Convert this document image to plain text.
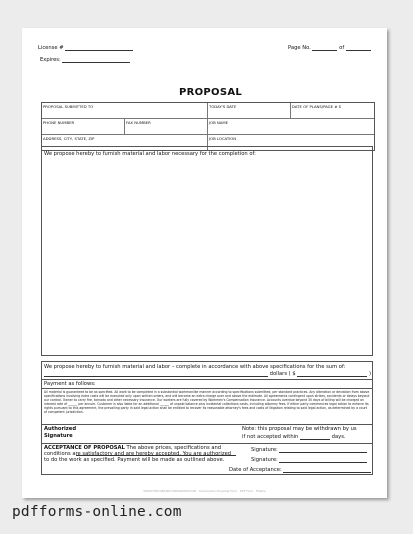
License #
Expires:
Page No.	of
PROPOSAL
PROPOSAL SUBMITTED TO	TODAY'S DATE	DATE OF PLANS/PAGE # S
PHONE NUMBER	FAX NUMBER	JOB NAME
ADDRESS, CITY, STATE, ZIP	JOB LOCATION
We propose hereby to furnish material and labor necessary for the completion of:
We propose hereby to furnish material and labor – complete in accordance with above specifications for the sum of:
dollars ( $	)
Payment as follows:
All material is guaranteed to be as specified. All work to be completed in a substantial workmanlike manner according to specifications submitted, per standard practices. Any alteration or deviation from above specifications involving extra costs will be executed only upon written orders, and will become an extra charge over and above the estimate. All agreements contingent upon strikes, accidents or delays beyond our control. Owner to carry fire, tornado and other necessary insurance. Our workers are fully covered by Workmen's Compensation Insurance. Accounts overdue beyond 30 days of billing will be charged an interest rate of ______ per annum. Customer is also liable for an additional ______ of unpaid balance plus incidental collections costs, including attorney fees. If either party commences legal action to enforce its rights pursuant to this agreement, the prevailing party in said legal action shall be entitled to recover its reasonable attorney's fees and costs of litigation relating to said legal action, as determined by a court of competent jurisdiction.
Authorized
Signature
Note: this proposal may be withdrawn by us
if not accepted within	days.
ACCEPTANCE OF PROPOSAL The above prices, specifications and
conditions are satisfactory and are hereby accepted. You are authorized
to do the work as specified. Payment will be made as outlined above.
Signature:
Signature:
Date of Acceptance:
WWW.THECONTRACTORSGROUP.COM · Construction Proposal Form · PDF Form · Fillable
pdfforms-online.com
